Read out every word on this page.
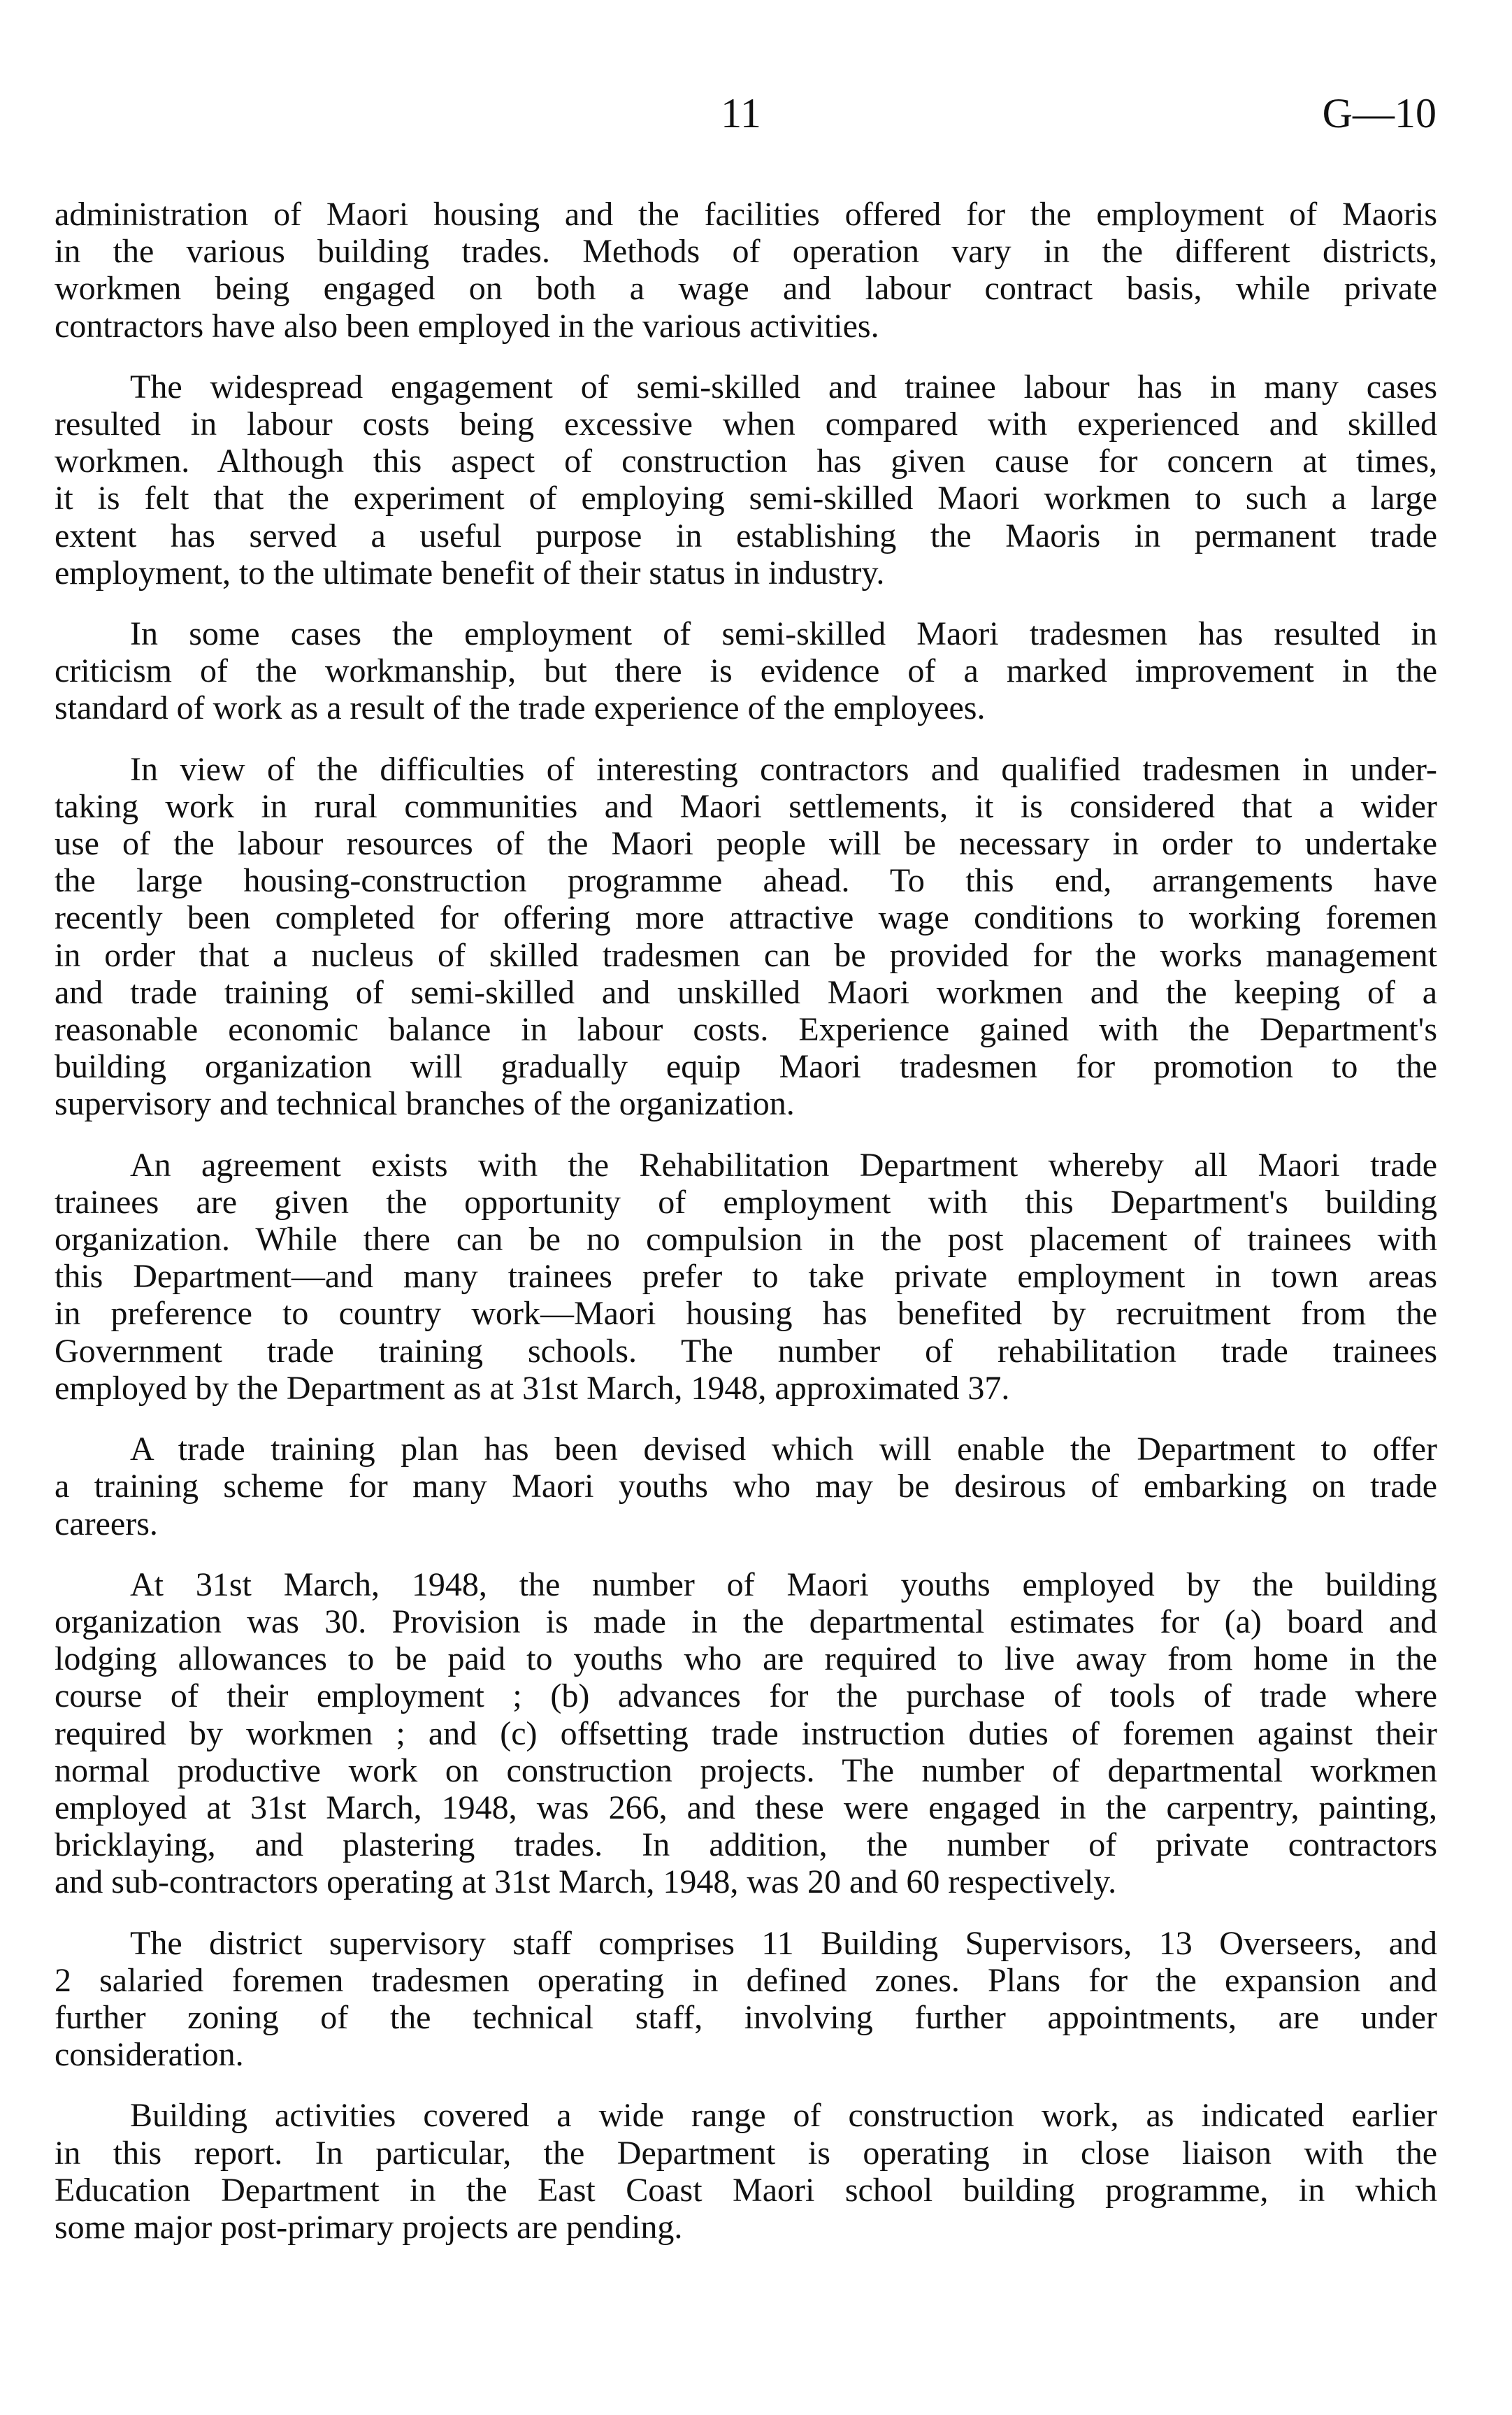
11	G—10
administration of Maori housing and the facilities offered for the employment of Maoris
in the various building trades. Methods of operation vary in the different districts,
workmen being engaged on both a wage and labour contract basis, while private
contractors have also been employed in the various activities.
The widespread engagement of semi-skilled and trainee labour has in many cases
resulted in labour costs being excessive when compared with experienced and skilled
workmen. Although this aspect of construction has given cause for concern at times,
it is felt that the experiment of employing semi-skilled Maori workmen to such a large
extent has served a useful purpose in establishing the Maoris in permanent trade
employment, to the ultimate benefit of their status in industry.
In some cases the employment of semi-skilled Maori tradesmen has resulted in
criticism of the workmanship, but there is evidence of a marked improvement in the
standard of work as a result of the trade experience of the employees.
In view of the difficulties of interesting contractors and qualified tradesmen in under-
taking work in rural communities and Maori settlements, it is considered that a wider
use of the labour resources of the Maori people will be necessary in order to undertake
the large housing-construction programme ahead. To this end, arrangements have
recently been completed for offering more attractive wage conditions to working foremen
in order that a nucleus of skilled tradesmen can be provided for the works management
and trade training of semi-skilled and unskilled Maori workmen and the keeping of a
reasonable economic balance in labour costs. Experience gained with the Department's
building organization will gradually equip Maori tradesmen for promotion to the
supervisory and technical branches of the organization.
An agreement exists with the Rehabilitation Department whereby all Maori trade
trainees are given the opportunity of employment with this Department's building
organization. While there can be no compulsion in the post placement of trainees with
this Department—and many trainees prefer to take private employment in town areas
in preference to country work—Maori housing has benefited by recruitment from the
Government trade training schools. The number of rehabilitation trade trainees
employed by the Department as at 31st March, 1948, approximated 37.
A trade training plan has been devised which will enable the Department to offer
a training scheme for many Maori youths who may be desirous of embarking on trade
careers.
At 31st March, 1948, the number of Maori youths employed by the building
organization was 30. Provision is made in the departmental estimates for (a) board and
lodging allowances to be paid to youths who are required to live away from home in the
course of their employment ; (b) advances for the purchase of tools of trade where
required by workmen ; and (c) offsetting trade instruction duties of foremen against their
normal productive work on construction projects. The number of departmental workmen
employed at 31st March, 1948, was 266, and these were engaged in the carpentry, painting,
bricklaying, and plastering trades. In addition, the number of private contractors
and sub-contractors operating at 31st March, 1948, was 20 and 60 respectively.
The district supervisory staff comprises 11 Building Supervisors, 13 Overseers, and
2 salaried foremen tradesmen operating in defined zones. Plans for the expansion and
further zoning of the technical staff, involving further appointments, are under
consideration.
Building activities covered a wide range of construction work, as indicated earlier
in this report. In particular, the Department is operating in close liaison with the
Education Department in the East Coast Maori school building programme, in which
some major post-primary projects are pending.
